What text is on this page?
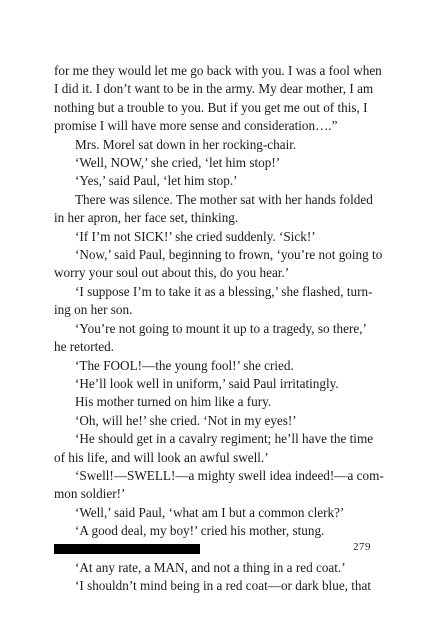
for me they would let me go back with you. I was a fool when
I did it. I don’t want to be in the army. My dear mother, I am
nothing but a trouble to you. But if you get me out of this, I
promise I will have more sense and consideration….”
Mrs. Morel sat down in her rocking-chair.
‘Well, NOW,’ she cried, ‘let him stop!’
‘Yes,’ said Paul, ‘let him stop.’
There was silence. The mother sat with her hands folded
in her apron, her face set, thinking.
‘If I’m not SICK!’ she cried suddenly. ‘Sick!’
‘Now,’ said Paul, beginning to frown, ‘you’re not going to
worry your soul out about this, do you hear.’
‘I suppose I’m to take it as a blessing,’ she flashed, turn-
ing on her son.
‘You’re not going to mount it up to a tragedy, so there,’
he retorted.
‘The FOOL!—the young fool!’ she cried.
‘He’ll look well in uniform,’ said Paul irritatingly.
His mother turned on him like a fury.
‘Oh, will he!’ she cried. ‘Not in my eyes!’
‘He should get in a cavalry regiment; he’ll have the time
of his life, and will look an awful swell.’
‘Swell!—SWELL!—a mighty swell idea indeed!—a com-
mon soldier!’
‘Well,’ said Paul, ‘what am I but a common clerk?’
‘A good deal, my boy!’ cried his mother, stung.
‘At any rate, a MAN, and not a thing in a red coat.’
‘I shouldn’t mind being in a red coat—or dark blue, that
279
